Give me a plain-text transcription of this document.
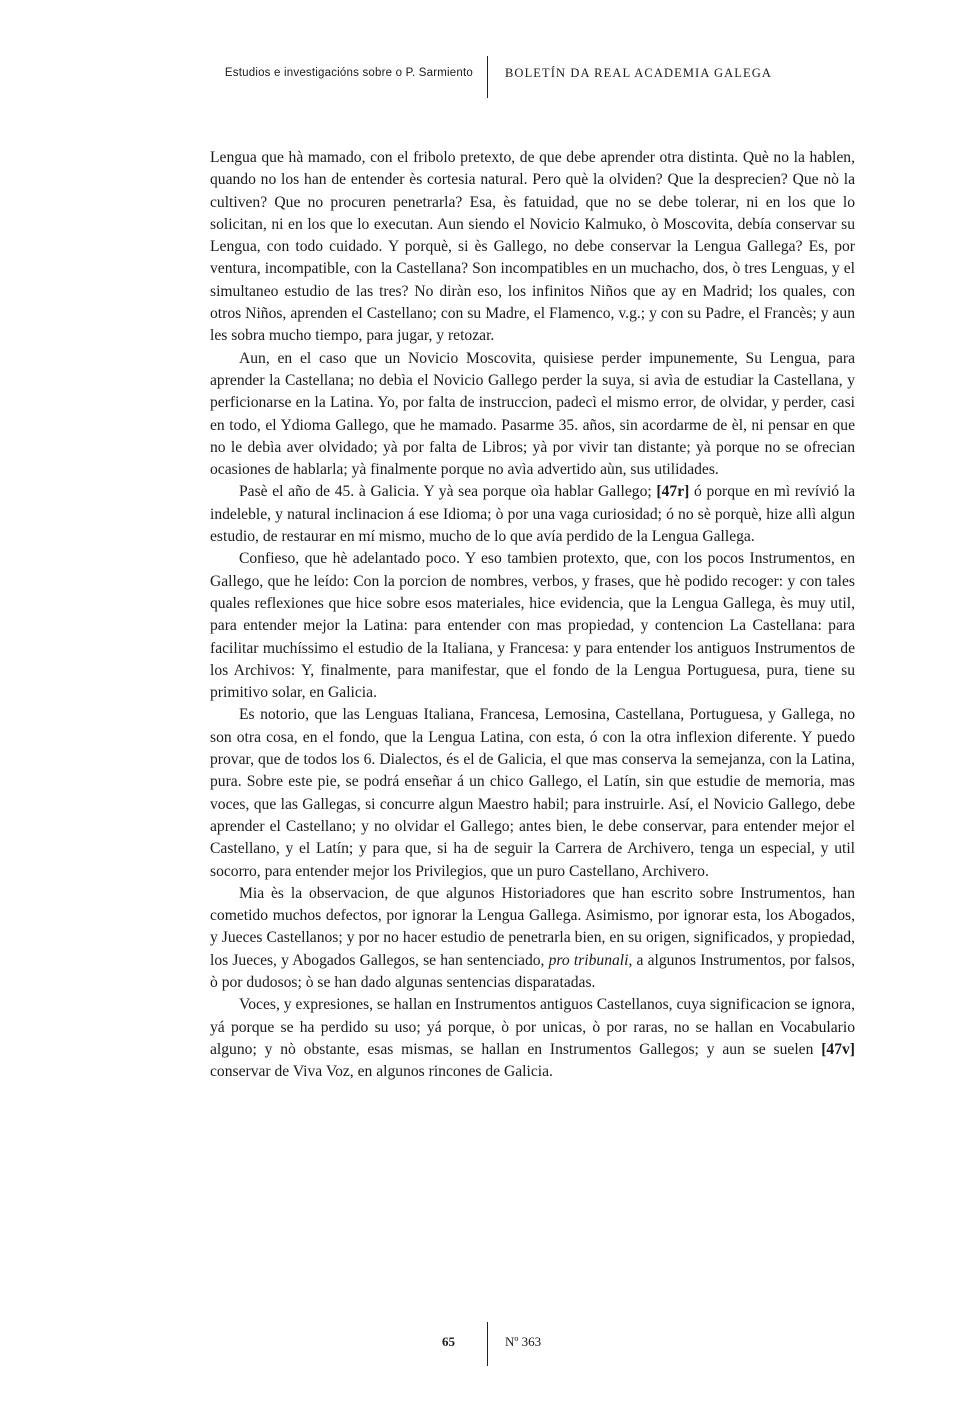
Estudios e investigacións sobre o P. Sarmiento	BOLETÍN DA REAL ACADEMIA GALEGA

Lengua que hà mamado, con el fribolo pretexto, de que debe aprender otra distinta. Què no la hablen, quando no los han de entender ès cortesia natural. Pero què la olviden? Que la desprecien? Que nò la cultiven? Que no procuren penetrarla? Esa, ès fatuidad, que no se debe tolerar, ni en los que lo solicitan, ni en los que lo executan. Aun siendo el Novicio Kalmuko, ò Moscovita, debía conservar su Lengua, con todo cuidado. Y porquè, si ès Gallego, no debe conservar la Lengua Gallega? Es, por ventura, incompatible, con la Castellana? Son incompatibles en un muchacho, dos, ò tres Lenguas, y el simultaneo estudio de las tres? No diràn eso, los infinitos Niños que ay en Madrid; los quales, con otros Niños, aprenden el Castellano; con su Madre, el Flamenco, v.g.; y con su Padre, el Francès; y aun les sobra mucho tiempo, para jugar, y retozar.

Aun, en el caso que un Novicio Moscovita, quisiese perder impunemente, Su Lengua, para aprender la Castellana; no debìa el Novicio Gallego perder la suya, si avìa de estudiar la Castellana, y perficionarse en la Latina. Yo, por falta de instruccion, padecì el mismo error, de olvidar, y perder, casi en todo, el Ydioma Gallego, que he mamado. Pasarme 35. años, sin acordarme de èl, ni pensar en que no le debìa aver olvidado; yà por falta de Libros; yà por vivir tan distante; yà porque no se ofrecian ocasiones de hablarla; yà finalmente porque no avìa advertido aùn, sus utilidades.

Pasè el año de 45. à Galicia. Y yà sea porque oìa hablar Gallego; [47r] ó porque en mì revívió la indeleble, y natural inclinacion á ese Idioma; ò por una vaga curiosidad; ó no sè porquè, hize allì algun estudio, de restaurar en mí mismo, mucho de lo que avía perdido de la Lengua Gallega.

Confieso, que hè adelantado poco. Y eso tambien protexto, que, con los pocos Instrumentos, en Gallego, que he leído: Con la porcion de nombres, verbos, y frases, que hè podido recoger: y con tales quales reflexiones que hice sobre esos materiales, hice evidencia, que la Lengua Gallega, ès muy util, para entender mejor la Latina: para entender con mas propiedad, y contencion La Castellana: para facilitar muchíssimo el estudio de la Italiana, y Francesa: y para entender los antiguos Instrumentos de los Archivos: Y, finalmente, para manifestar, que el fondo de la Lengua Portuguesa, pura, tiene su primitivo solar, en Galicia.

Es notorio, que las Lenguas Italiana, Francesa, Lemosina, Castellana, Portuguesa, y Gallega, no son otra cosa, en el fondo, que la Lengua Latina, con esta, ó con la otra inflexion diferente. Y puedo provar, que de todos los 6. Dialectos, és el de Galicia, el que mas conserva la semejanza, con la Latina, pura. Sobre este pie, se podrá enseñar á un chico Gallego, el Latín, sin que estudie de memoria, mas voces, que las Gallegas, si concurre algun Maestro habil; para instruirle. Así, el Novicio Gallego, debe aprender el Castellano; y no olvidar el Gallego; antes bien, le debe conservar, para entender mejor el Castellano, y el Latín; y para que, si ha de seguir la Carrera de Archivero, tenga un especial, y util socorro, para entender mejor los Privilegios, que un puro Castellano, Archivero.

Mia ès la observacion, de que algunos Historiadores que han escrito sobre Instrumentos, han cometido muchos defectos, por ignorar la Lengua Gallega. Asimismo, por ignorar esta, los Abogados, y Jueces Castellanos; y por no hacer estudio de penetrarla bien, en su origen, significados, y propiedad, los Jueces, y Abogados Gallegos, se han sentenciado, pro tribunali, a algunos Instrumentos, por falsos, ò por dudosos; ò se han dado algunas sentencias disparatadas.

Voces, y expresiones, se hallan en Instrumentos antiguos Castellanos, cuya significacion se ignora, yá porque se ha perdido su uso; yá porque, ò por unicas, ò por raras, no se hallan en Vocabulario alguno; y nò obstante, esas mismas, se hallan en Instrumentos Gallegos; y aun se suelen [47v] conservar de Viva Voz, en algunos rincones de Galicia.

65	Nº 363
